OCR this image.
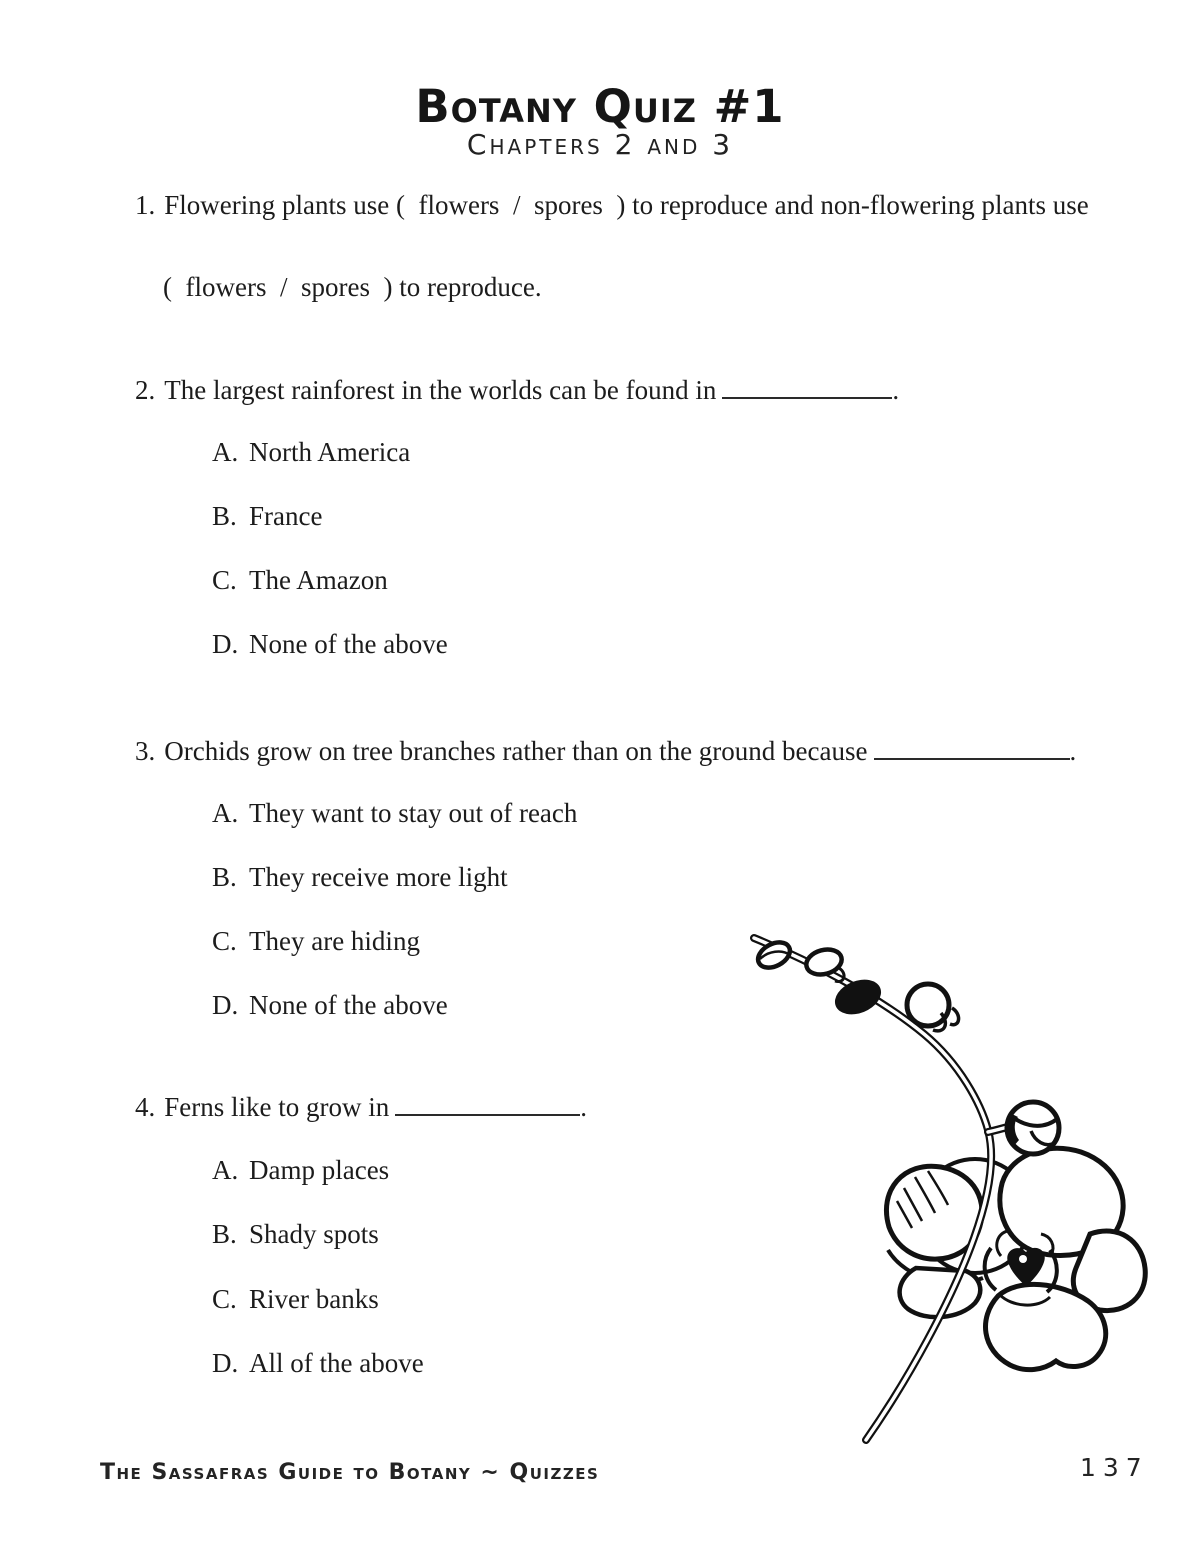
Botany Quiz #1
Chapters 2 and 3
1. Flowering plants use (  flowers  /  spores  ) to reproduce and non-flowering plants use
(  flowers  /  spores  ) to reproduce.
2. The largest rainforest in the worlds can be found in	.
A. North America
B. France
C. The Amazon
D. None of the above
3. Orchids grow on tree branches rather than on the ground because	.
A. They want to stay out of reach
B. They receive more light
C. They are hiding
D. None of the above
4. Ferns like to grow in	.
A. Damp places
B. Shady spots
C. River banks
D. All of the above
The Sassafras Guide to Botany ~ Quizzes	137
